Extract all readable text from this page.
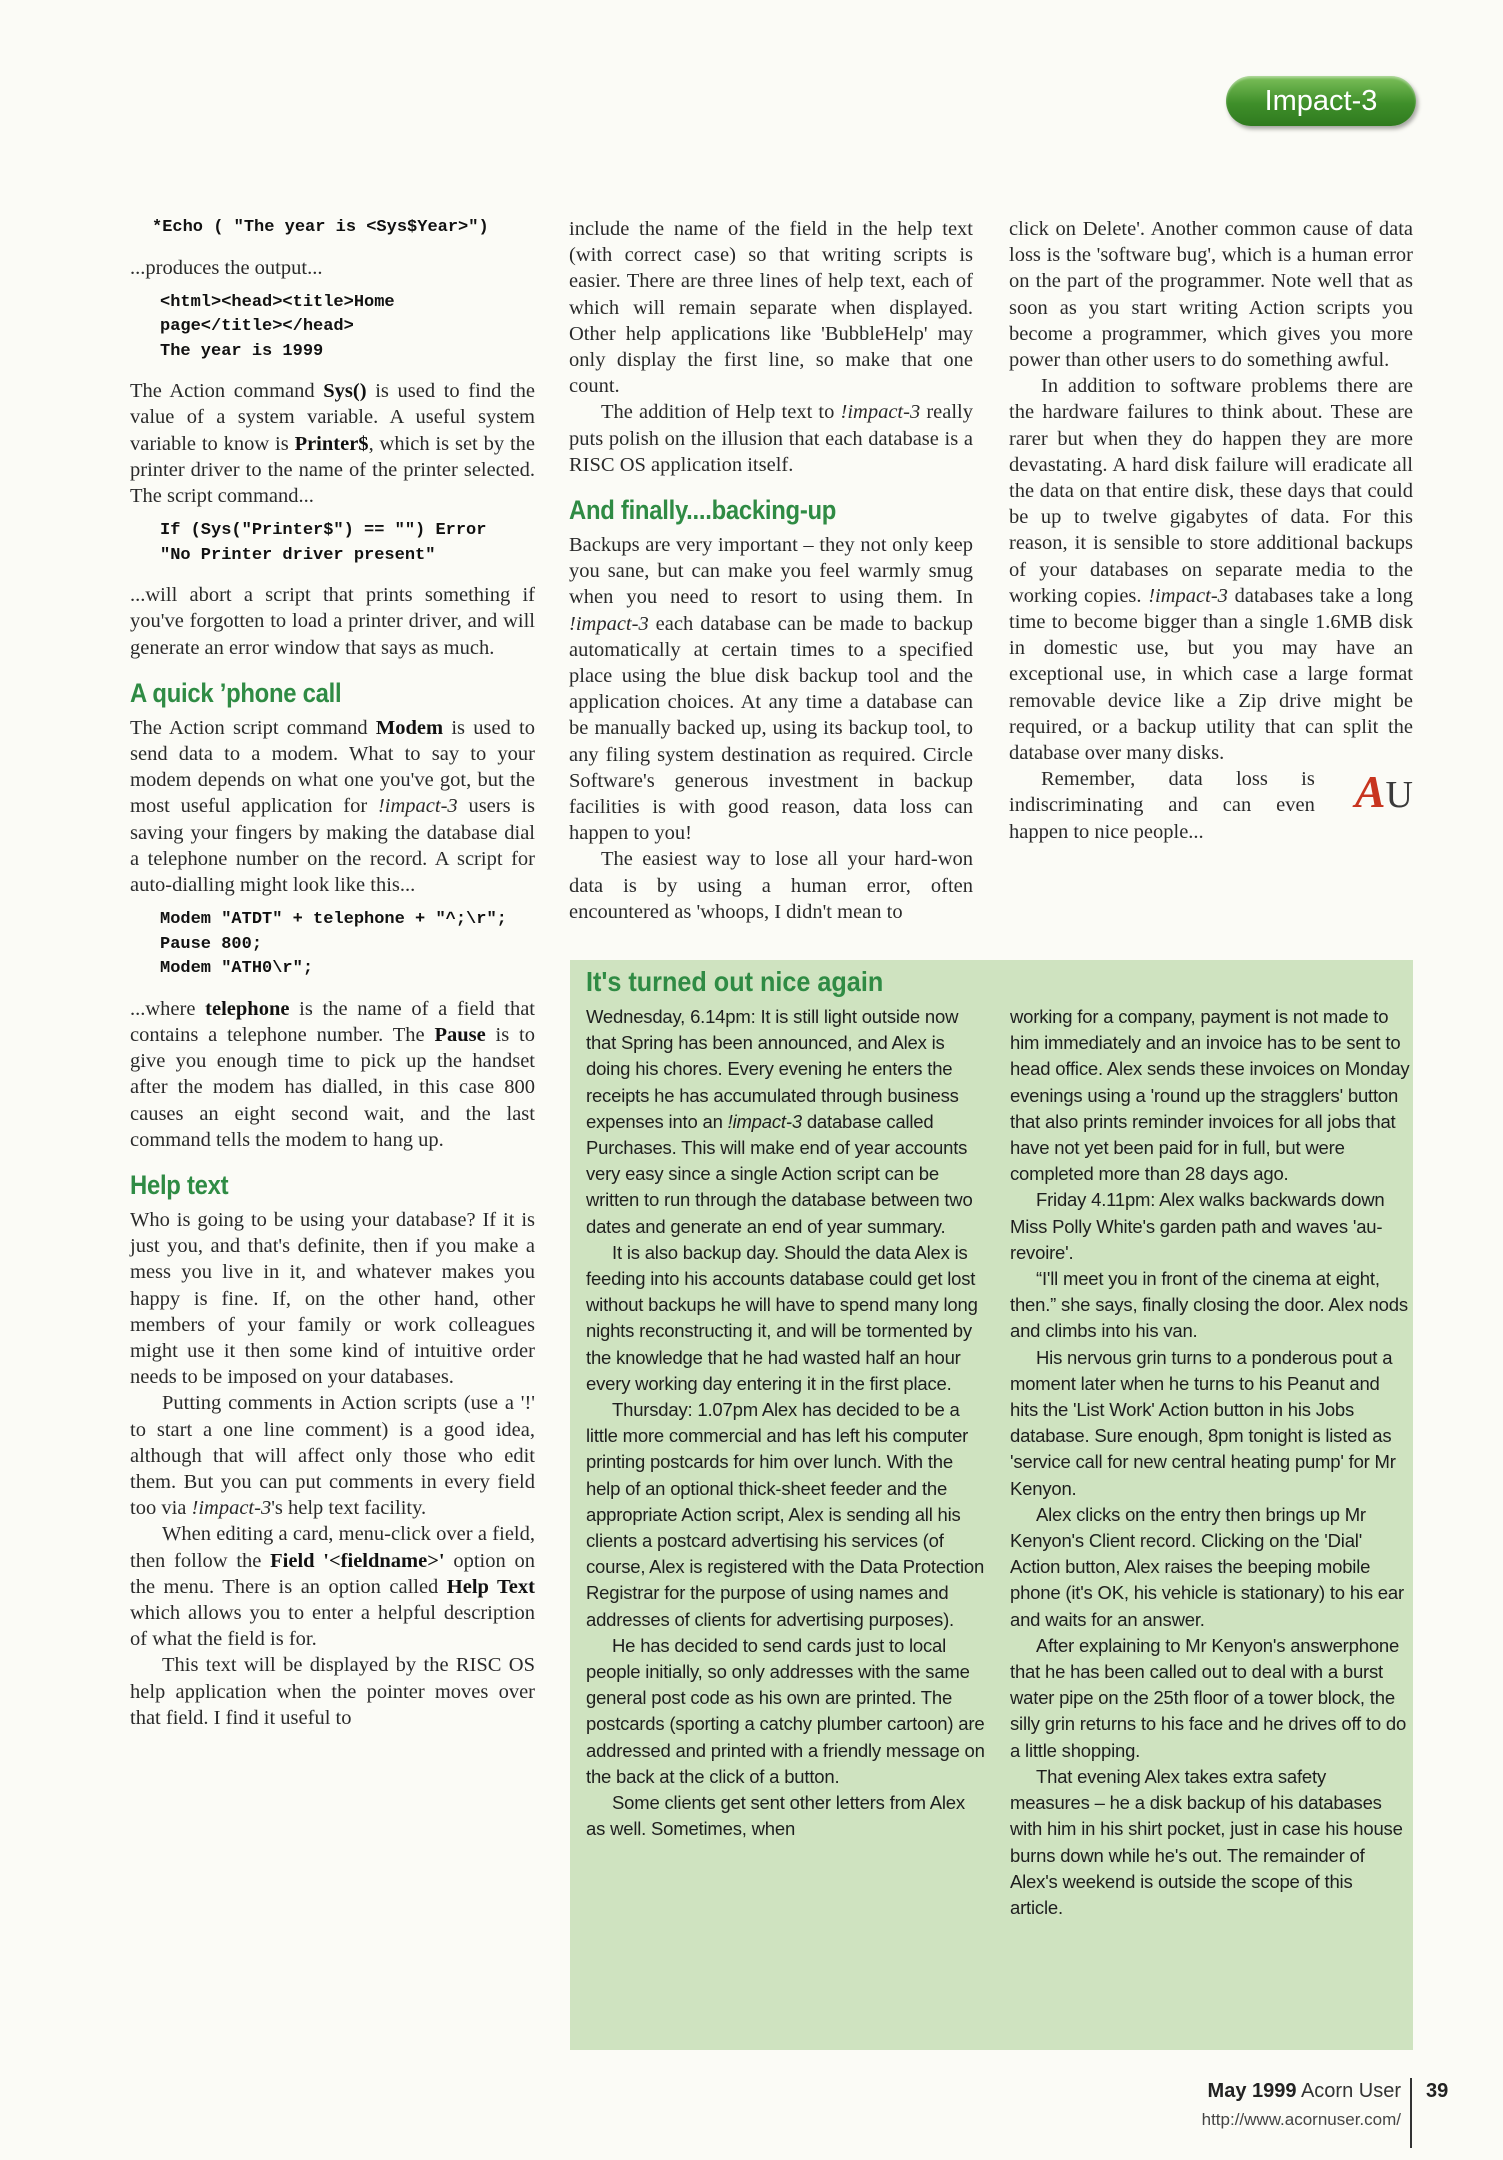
Impact-3
*Echo ( "The year is <Sys$Year>")

...produces the output...

<html><head><title>Home
page</title></head>
The year is 1999

The Action command Sys() is used to find the value of a system variable. A useful system variable to know is Printer$, which is set by the printer driver to the name of the printer selected. The script command...

If (Sys("Printer$") == "") Error
"No Printer driver present"

...will abort a script that prints something if you've forgotten to load a printer driver, and will generate an error window that says as much.

A quick ’phone call

The Action script command Modem is used to send data to a modem. What to say to your modem depends on what one you've got, but the most useful application for !impact-3 users is saving your fingers by making the database dial a telephone number on the record. A script for auto-dialling might look like this...

Modem "ATDT" + telephone + "^;\r";
Pause 800;
Modem "ATH0\r";

...where telephone is the name of a field that contains a telephone number. The Pause is to give you enough time to pick up the handset after the modem has dialled, in this case 800 causes an eight second wait, and the last command tells the modem to hang up.

Help text

Who is going to be using your database? If it is just you, and that's definite, then if you make a mess you live in it, and whatever makes you happy is fine. If, on the other hand, other members of your family or work colleagues might use it then some kind of intuitive order needs to be imposed on your databases.

Putting comments in Action scripts (use a '!' to start a one line comment) is a good idea, although that will affect only those who edit them. But you can put comments in every field too via !impact-3's help text facility.

When editing a card, menu-click over a field, then follow the Field '<fieldname>' option on the menu. There is an option called Help Text which allows you to enter a helpful description of what the field is for.

This text will be displayed by the RISC OS help application when the pointer moves over that field. I find it useful to

include the name of the field in the help text (with correct case) so that writing scripts is easier. There are three lines of help text, each of which will remain separate when displayed. Other help applications like 'BubbleHelp' may only display the first line, so make that one count.

The addition of Help text to !impact-3 really puts polish on the illusion that each database is a RISC OS application itself.

And finally....backing-up

Backups are very important – they not only keep you sane, but can make you feel warmly smug when you need to resort to using them. In !impact-3 each database can be made to backup automatically at certain times to a specified place using the blue disk backup tool and the application choices. At any time a database can be manually backed up, using its backup tool, to any filing system destination as required. Circle Software's generous investment in backup facilities is with good reason, data loss can happen to you!

The easiest way to lose all your hard-won data is by using a human error, often encountered as 'whoops, I didn't mean to

click on Delete'. Another common cause of data loss is the 'software bug', which is a human error on the part of the programmer. Note well that as soon as you start writing Action scripts you become a programmer, which gives you more power than other users to do something awful.

In addition to software problems there are the hardware failures to think about. These are rarer but when they do happen they are more devastating. A hard disk failure will eradicate all the data on that entire disk, these days that could be up to twelve gigabytes of data. For this reason, it is sensible to store additional backups of your databases on separate media to the working copies. !impact-3 databases take a long time to become bigger than a single 1.6MB disk in domestic use, but you may have an exceptional use, in which case a large format removable device like a Zip drive might be required, or a backup utility that can split the database over many disks.

AU
Remember, data loss is indiscriminating and can even happen to nice people...

It's turned out nice again

Wednesday, 6.14pm: It is still light outside now that Spring has been announced, and Alex is doing his chores. Every evening he enters the receipts he has accumulated through business expenses into an !impact-3 database called Purchases. This will make end of year accounts very easy since a single Action script can be written to run through the database between two dates and generate an end of year summary.

It is also backup day. Should the data Alex is feeding into his accounts database could get lost without backups he will have to spend many long nights reconstructing it, and will be tormented by the knowledge that he had wasted half an hour every working day entering it in the first place.

Thursday: 1.07pm Alex has decided to be a little more commercial and has left his computer printing postcards for him over lunch. With the help of an optional thick-sheet feeder and the appropriate Action script, Alex is sending all his clients a postcard advertising his services (of course, Alex is registered with the Data Protection Registrar for the purpose of using names and addresses of clients for advertising purposes).

He has decided to send cards just to local people initially, so only addresses with the same general post code as his own are printed. The postcards (sporting a catchy plumber cartoon) are addressed and printed with a friendly message on the back at the click of a button.

Some clients get sent other letters from Alex as well. Sometimes, when

working for a company, payment is not made to him immediately and an invoice has to be sent to head office. Alex sends these invoices on Monday evenings using a 'round up the stragglers' button that also prints reminder invoices for all jobs that have not yet been paid for in full, but were completed more than 28 days ago.

Friday 4.11pm: Alex walks backwards down Miss Polly White's garden path and waves 'au-revoire'.

“I'll meet you in front of the cinema at eight, then.” she says, finally closing the door. Alex nods and climbs into his van.

His nervous grin turns to a ponderous pout a moment later when he turns to his Peanut and hits the 'List Work' Action button in his Jobs database. Sure enough, 8pm tonight is listed as 'service call for new central heating pump' for Mr Kenyon.

Alex clicks on the entry then brings up Mr Kenyon's Client record. Clicking on the 'Dial' Action button, Alex raises the beeping mobile phone (it's OK, his vehicle is stationary) to his ear and waits for an answer.

After explaining to Mr Kenyon's answerphone that he has been called out to deal with a burst water pipe on the 25th floor of a tower block, the silly grin returns to his face and he drives off to do a little shopping.

That evening Alex takes extra safety measures – he a disk backup of his databases with him in his shirt pocket, just in case his house burns down while he's out. The remainder of Alex's weekend is outside the scope of this article.

May 1999 Acorn User
http://www.acornuser.com/
39
